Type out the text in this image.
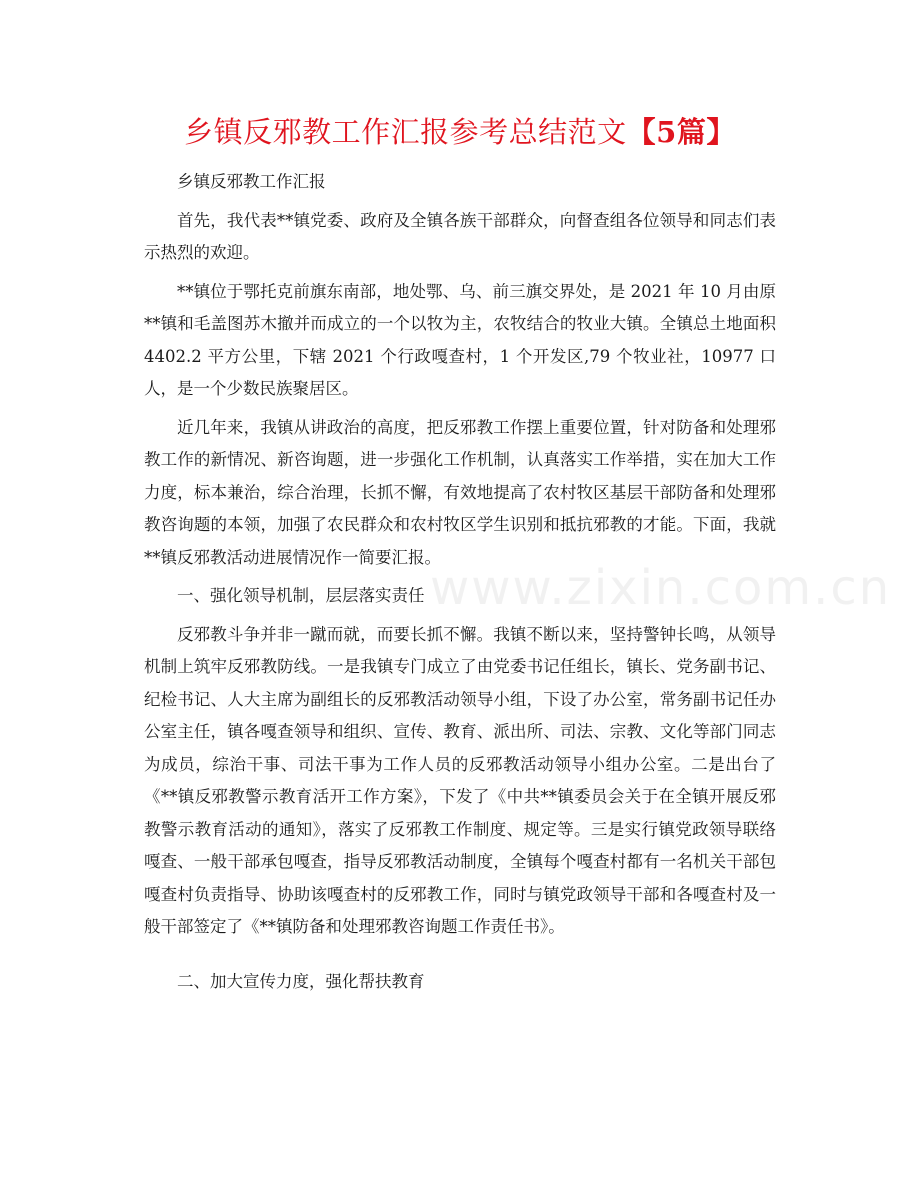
乡镇反邪教工作汇报参考总结范文【5篇】

乡镇反邪教工作汇报

首先，我代表**镇党委、政府及全镇各族干部群众，向督查组各位领导和同志们表示热烈的欢迎。

**镇位于鄂托克前旗东南部，地处鄂、乌、前三旗交界处，是 2021 年 10 月由原**镇和毛盖图苏木撤并而成立的一个以牧为主，农牧结合的牧业大镇。全镇总土地面积 4402.2 平方公里，下辖 2021 个行政嘎查村，1 个开发区,79 个牧业社，10977 口人，是一个少数民族聚居区。

近几年来，我镇从讲政治的高度，把反邪教工作摆上重要位置，针对防备和处理邪教工作的新情况、新咨询题，进一步强化工作机制，认真落实工作举措，实在加大工作力度，标本兼治，综合治理，长抓不懈，有效地提高了农村牧区基层干部防备和处理邪教咨询题的本领，加强了农民群众和农村牧区学生识别和抵抗邪教的才能。下面，我就**镇反邪教活动进展情况作一简要汇报。

一、强化领导机制，层层落实责任

反邪教斗争并非一蹴而就，而要长抓不懈。我镇不断以来，坚持警钟长鸣，从领导机制上筑牢反邪教防线。一是我镇专门成立了由党委书记任组长，镇长、党务副书记、纪检书记、人大主席为副组长的反邪教活动领导小组，下设了办公室，常务副书记任办公室主任，镇各嘎查领导和组织、宣传、教育、派出所、司法、宗教、文化等部门同志为成员，综治干事、司法干事为工作人员的反邪教活动领导小组办公室。二是出台了《**镇反邪教警示教育活开工作方案》，下发了《中共**镇委员会关于在全镇开展反邪教警示教育活动的通知》，落实了反邪教工作制度、规定等。三是实行镇党政领导联络嘎查、一般干部承包嘎查，指导反邪教活动制度，全镇每个嘎查村都有一名机关干部包嘎查村负责指导、协助该嘎查村的反邪教工作，同时与镇党政领导干部和各嘎查村及一般干部签定了《**镇防备和处理邪教咨询题工作责任书》。

二、加大宣传力度，强化帮扶教育

www.zixin.com.cn
